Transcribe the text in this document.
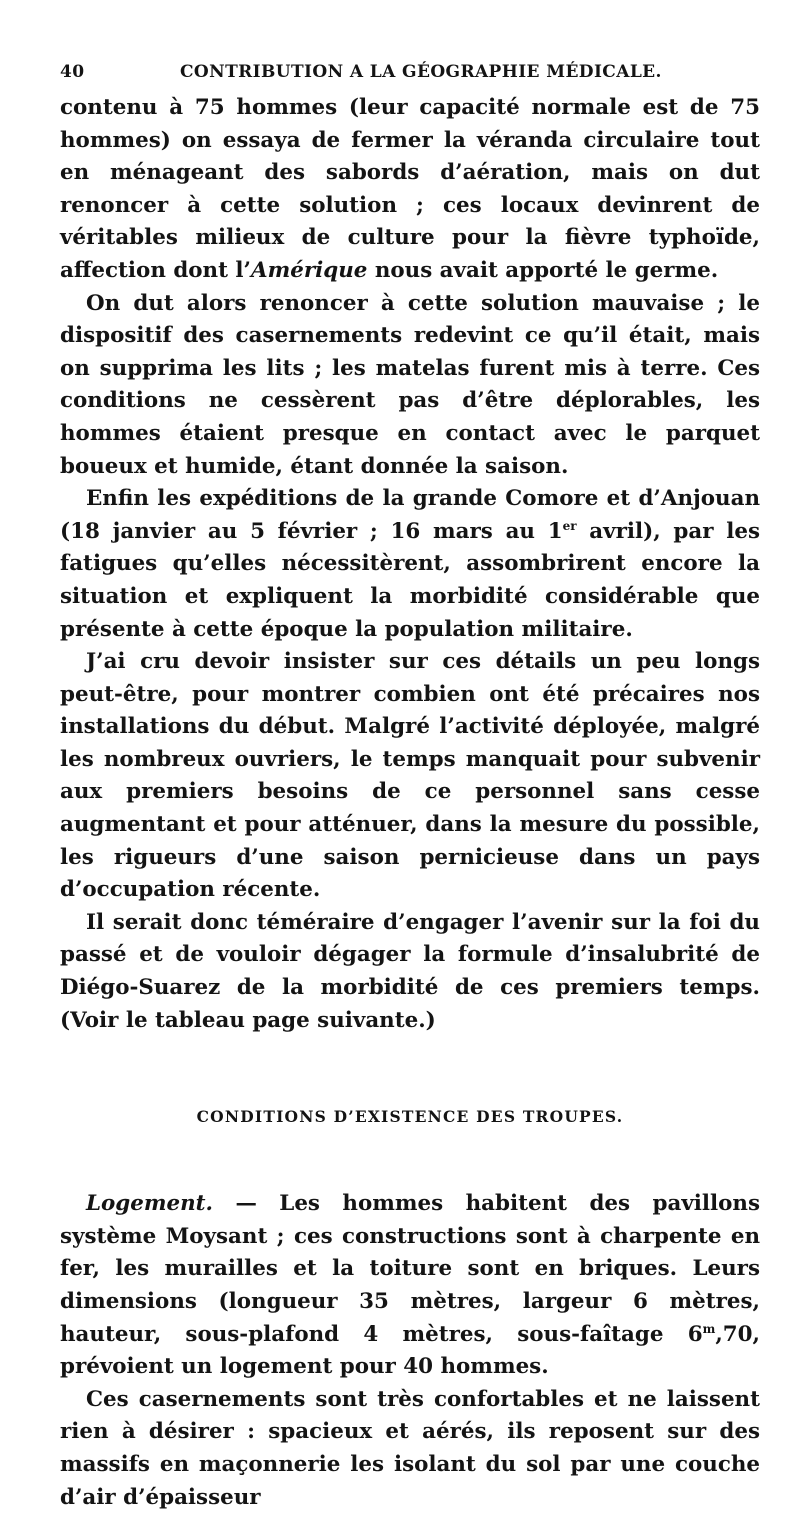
40	CONTRIBUTION A LA GÉOGRAPHIE MÉDICALE.

contenu à 75 hommes (leur capacité normale est de 75 hommes) on essaya de fermer la véranda circulaire tout en ménageant des sabords d’aération, mais on dut renoncer à cette solution ; ces locaux devinrent de véritables milieux de culture pour la fièvre typhoïde, affection dont l’Amérique nous avait apporté le germe.

On dut alors renoncer à cette solution mauvaise ; le dispositif des casernements redevint ce qu’il était, mais on supprima les lits ; les matelas furent mis à terre. Ces conditions ne cessèrent pas d’être déplorables, les hommes étaient presque en contact avec le parquet boueux et humide, étant donnée la saison.

Enfin les expéditions de la grande Comore et d’Anjouan (18 janvier au 5 février ; 16 mars au 1er avril), par les fatigues qu’elles nécessitèrent, assombrirent encore la situation et expliquent la morbidité considérable que présente à cette époque la population militaire.

J’ai cru devoir insister sur ces détails un peu longs peut-être, pour montrer combien ont été précaires nos installations du début. Malgré l’activité déployée, malgré les nombreux ouvriers, le temps manquait pour subvenir aux premiers besoins de ce personnel sans cesse augmentant et pour atténuer, dans la mesure du possible, les rigueurs d’une saison pernicieuse dans un pays d’occupation récente.

Il serait donc téméraire d’engager l’avenir sur la foi du passé et de vouloir dégager la formule d’insalubrité de Diégo-Suarez de la morbidité de ces premiers temps. (Voir le tableau page suivante.)

CONDITIONS D’EXISTENCE DES TROUPES.

Logement. — Les hommes habitent des pavillons système Moysant ; ces constructions sont à charpente en fer, les murailles et la toiture sont en briques. Leurs dimensions (longueur 35 mètres, largeur 6 mètres, hauteur, sous-plafond 4 mètres, sous-faîtage 6$^m$,70, prévoient un logement pour 40 hommes.

Ces casernements sont très confortables et ne laissent rien à désirer : spacieux et aérés, ils reposent sur des massifs en maçonnerie les isolant du sol par une couche d’air d’épaisseur
